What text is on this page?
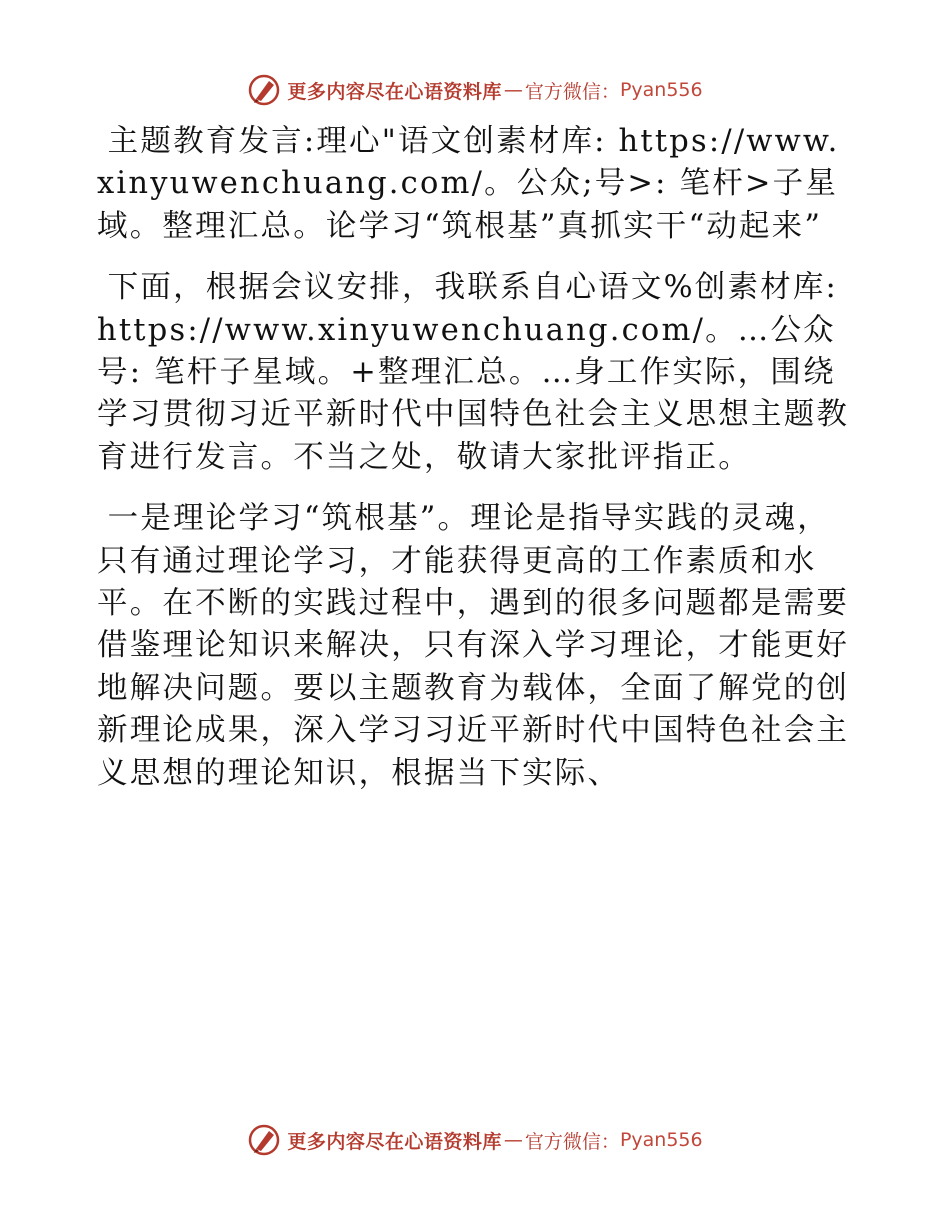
更多内容尽在心语资料库 — 官方微信： Pyan556

主题教育发言:理心"语文创素材库: https://www.xinyuwenchuang.com/。公众;号>: 笔杆>子星域。整理汇总。论学习“筑根基”真抓实干“动起来”

下面，根据会议安排，我联系自心语文%创素材库: https://www.xinyuwenchuang.com/。…公众号: 笔杆子星域。+整理汇总。…身工作实际，围绕学习贯彻习近平新时代中国特色社会主义思想主题教育进行发言。不当之处，敬请大家批评指正。

一是理论学习“筑根基”。理论是指导实践的灵魂，只有通过理论学习，才能获得更高的工作素质和水平。在不断的实践过程中，遇到的很多问题都是需要借鉴理论知识来解决，只有深入学习理论，才能更好地解决问题。要以主题教育为载体，全面了解党的创新理论成果，深入学习习近平新时代中国特色社会主义思想的理论知识，根据当下实际、

更多内容尽在心语资料库 — 官方微信： Pyan556
